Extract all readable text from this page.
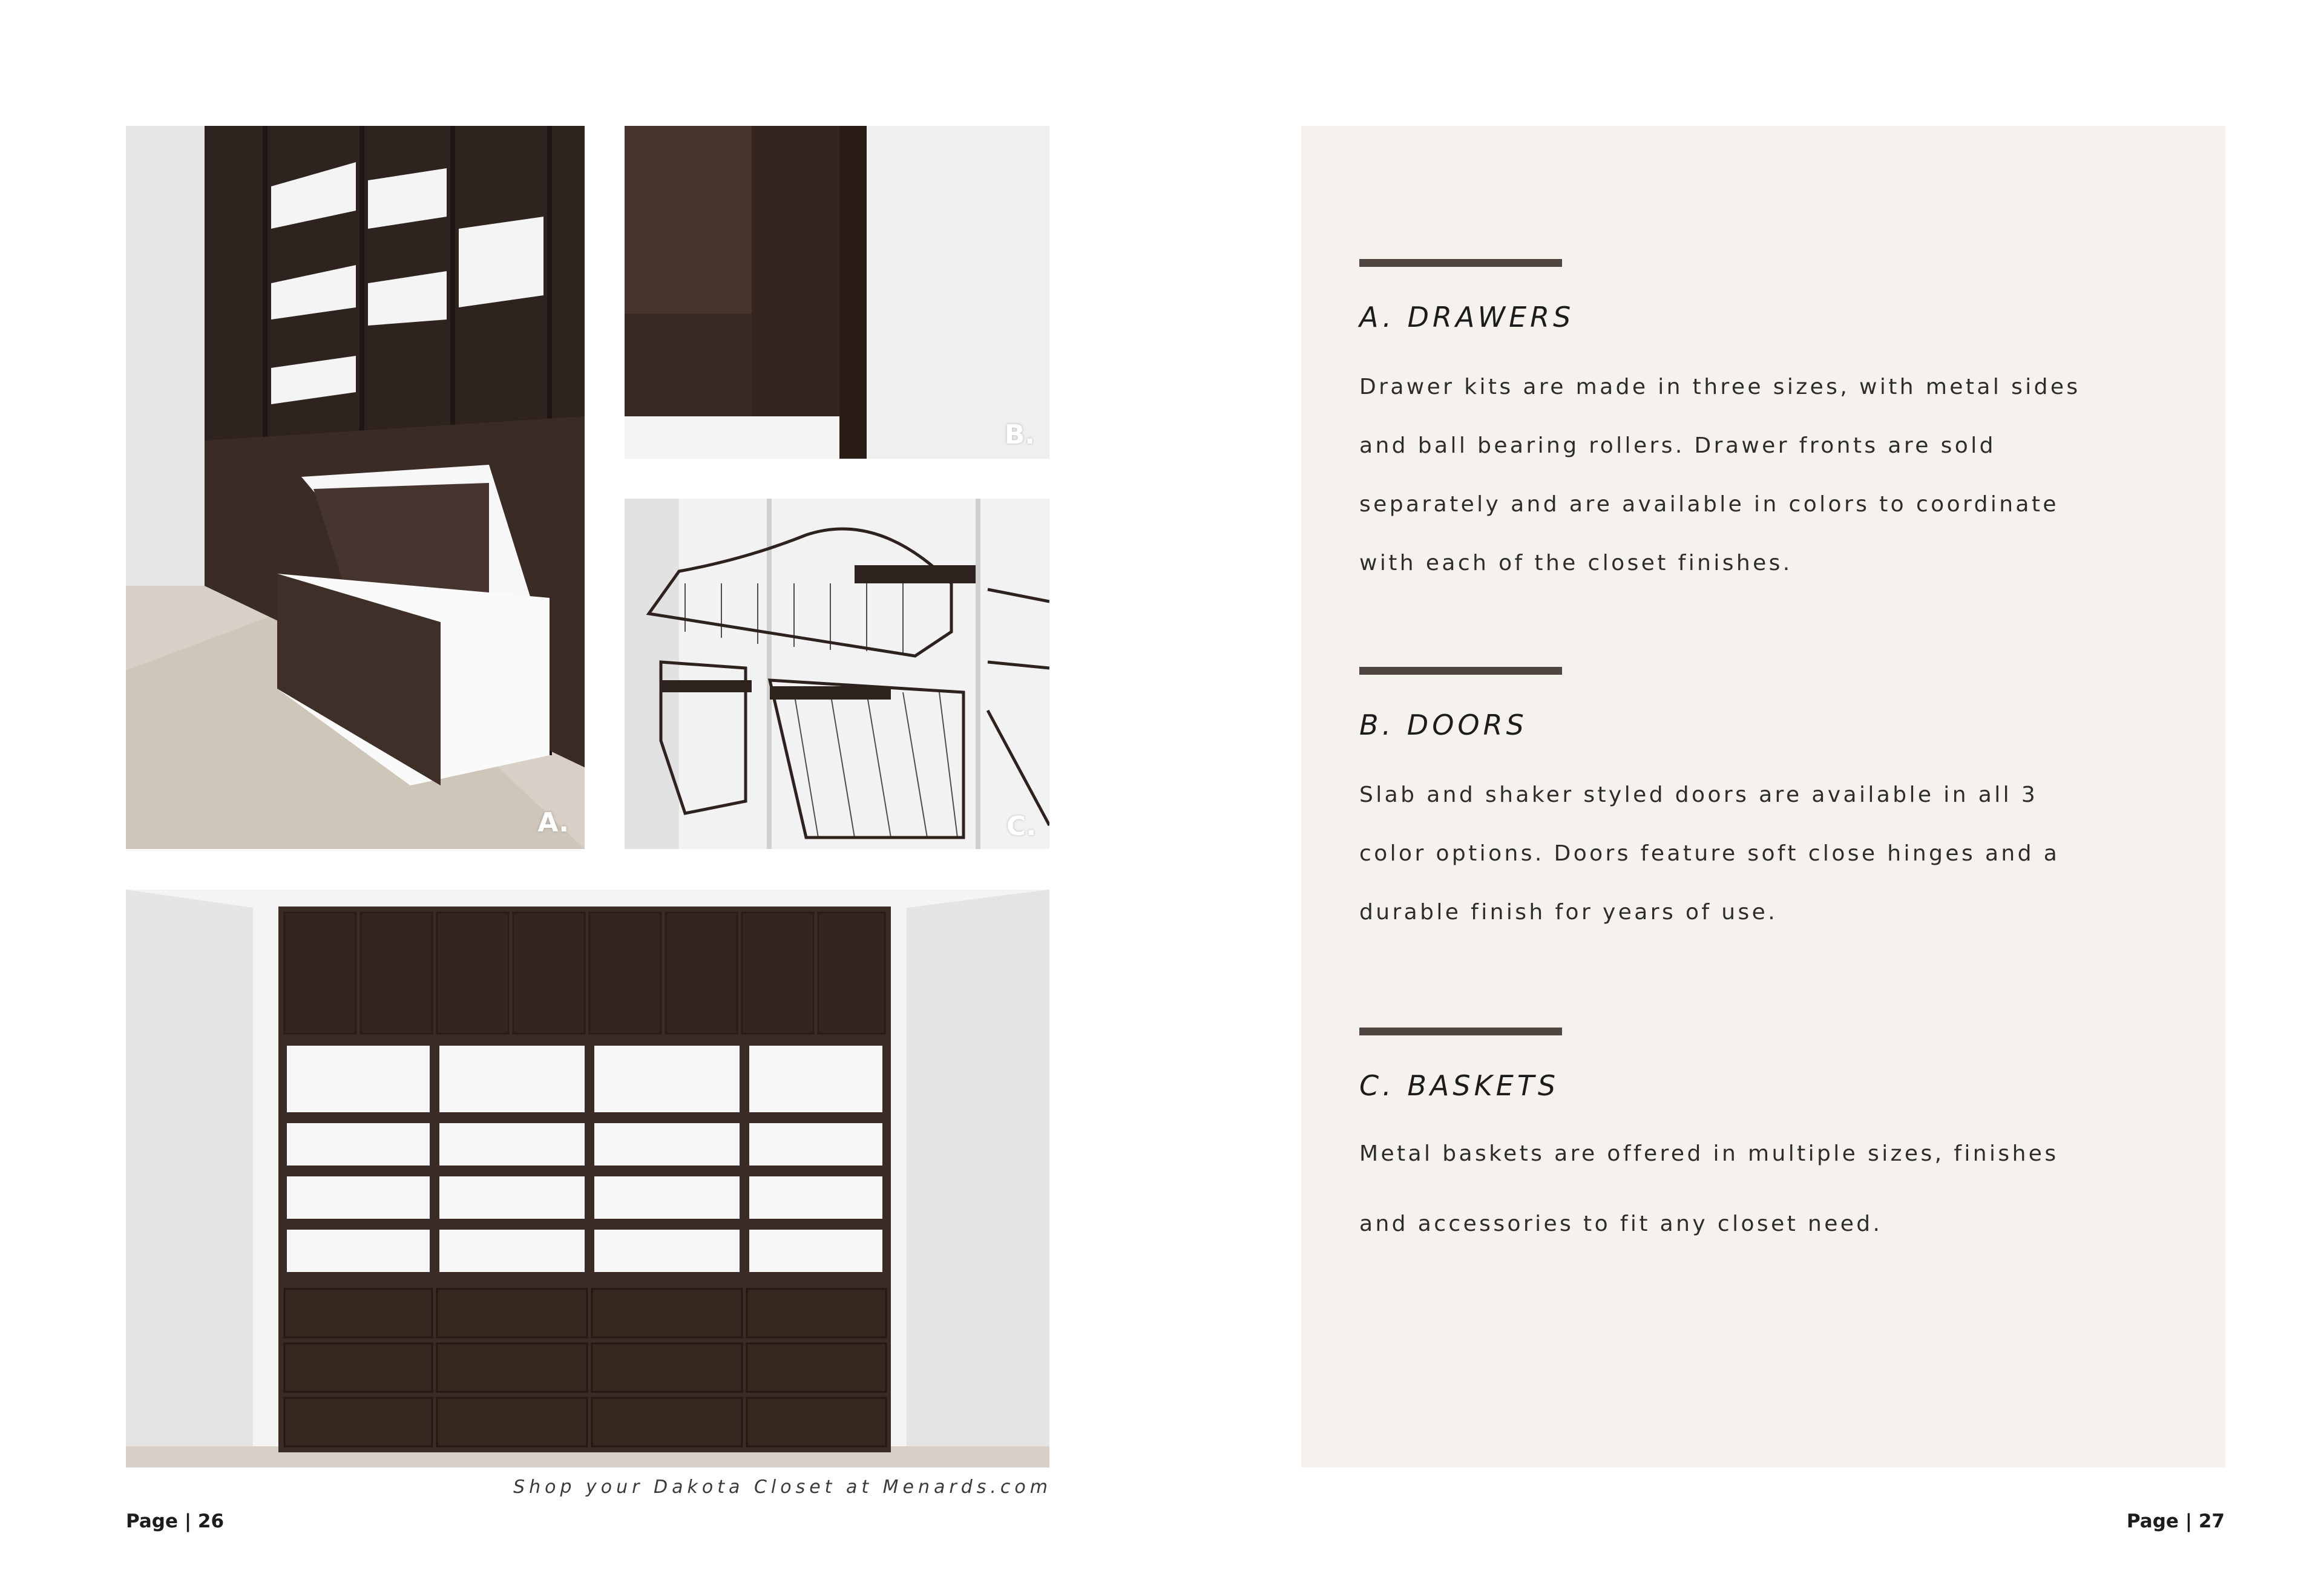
A.
B.
C.
Shop your Dakota Closet at Menards.com
Page | 26	Page | 27
A. DRAWERS
Drawer kits are made in three sizes, with metal sides
and ball bearing rollers. Drawer fronts are sold
separately and are available in colors to coordinate
with each of the closet finishes.
B. DOORS
Slab and shaker styled doors are available in all 3
color options. Doors feature soft close hinges and a
durable finish for years of use.
C. BASKETS
Metal baskets are offered in multiple sizes, finishes
and accessories to fit any closet need.
